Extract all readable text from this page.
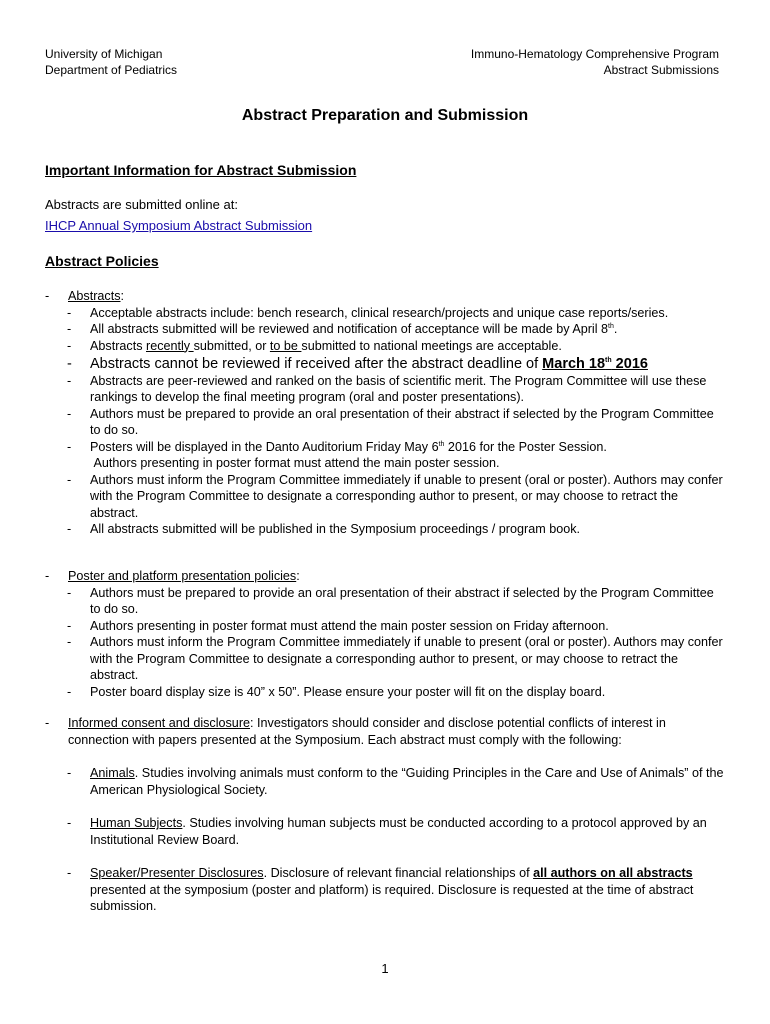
University of Michigan
Department of Pediatrics
Immuno-Hematology Comprehensive Program
Abstract Submissions
Abstract Preparation and Submission
Important Information for Abstract Submission
Abstracts are submitted online at:
IHCP Annual Symposium Abstract Submission
Abstract Policies
- Abstracts:
- Acceptable abstracts include: bench research, clinical research/projects and unique case reports/series.
- All abstracts submitted will be reviewed and notification of acceptance will be made by April 8th.
- Abstracts recently submitted, or to be submitted to national meetings are acceptable.
- Abstracts cannot be reviewed if received after the abstract deadline of March 18th 2016
- Abstracts are peer-reviewed and ranked on the basis of scientific merit. The Program Committee will use these rankings to develop the final meeting program (oral and poster presentations).
- Authors must be prepared to provide an oral presentation of their abstract if selected by the Program Committee to do so.
- Posters will be displayed in the Danto Auditorium Friday May 6th 2016 for the Poster Session.
Authors presenting in poster format must attend the main poster session.
- Authors must inform the Program Committee immediately if unable to present (oral or poster). Authors may confer with the Program Committee to designate a corresponding author to present, or may choose to retract the abstract.
- All abstracts submitted will be published in the Symposium proceedings / program book.
- Poster and platform presentation policies:
- Authors must be prepared to provide an oral presentation of their abstract if selected by the Program Committee to do so.
- Authors presenting in poster format must attend the main poster session on Friday afternoon.
- Authors must inform the Program Committee immediately if unable to present (oral or poster). Authors may confer with the Program Committee to designate a corresponding author to present, or may choose to retract the abstract.
- Poster board display size is 40” x 50”. Please ensure your poster will fit on the display board.
- Informed consent and disclosure: Investigators should consider and disclose potential conflicts of interest in connection with papers presented at the Symposium. Each abstract must comply with the following:
- Animals. Studies involving animals must conform to the “Guiding Principles in the Care and Use of Animals” of the American Physiological Society.
- Human Subjects. Studies involving human subjects must be conducted according to a protocol approved by an Institutional Review Board.
- Speaker/Presenter Disclosures. Disclosure of relevant financial relationships of all authors on all abstracts presented at the symposium (poster and platform) is required. Disclosure is requested at the time of abstract submission.
1
